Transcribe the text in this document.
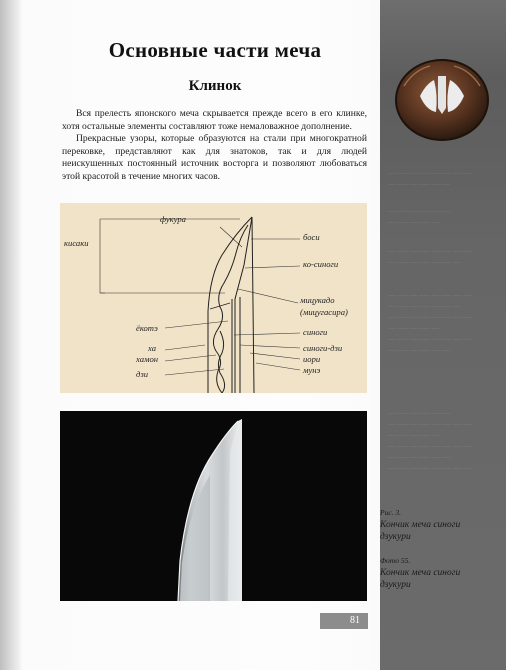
— ― — ― — ― — ―
— ― — ― — ―
— ― — ― — ―
— ― — ― —
— ― — ― — ― — ―
— ― — ― — ― —
— ― — ― — ― — ―
— ― — ― — ― —
— ― — ― — ― — ―
— ― — ― —
— ― — ― — ― — ―
— ― — ― — ―
— ― — ― — ―
— ― — ― — ― — ―
— ― — ― —
— ― — ― — ― — ―
— ― — ― — ―
— ― — ― — ― — ―
Основные части меча
Клинок

Вся прелесть японского меча скрывается прежде всего в его клинке, хотя остальные элементы составляют тоже немаловажное дополнение.

Прекрасные узоры, которые образуются на стали при многократной перековке, представляют как для знатоков, так и для людей неискушенных постоянный источник восторга и позволяют любоваться этой красотой в течение многих часов.

фукура
кисаки
боси
ко-синоги
мицукадо
(мицугасира)
ёкотэ	синоги
ха	синоги-дзи
хамон	иори
дзи	мунэ
Рис. 3.
Кончик меча синоги дзукури
Фото 55.
Кончик меча синоги дзукури
81
